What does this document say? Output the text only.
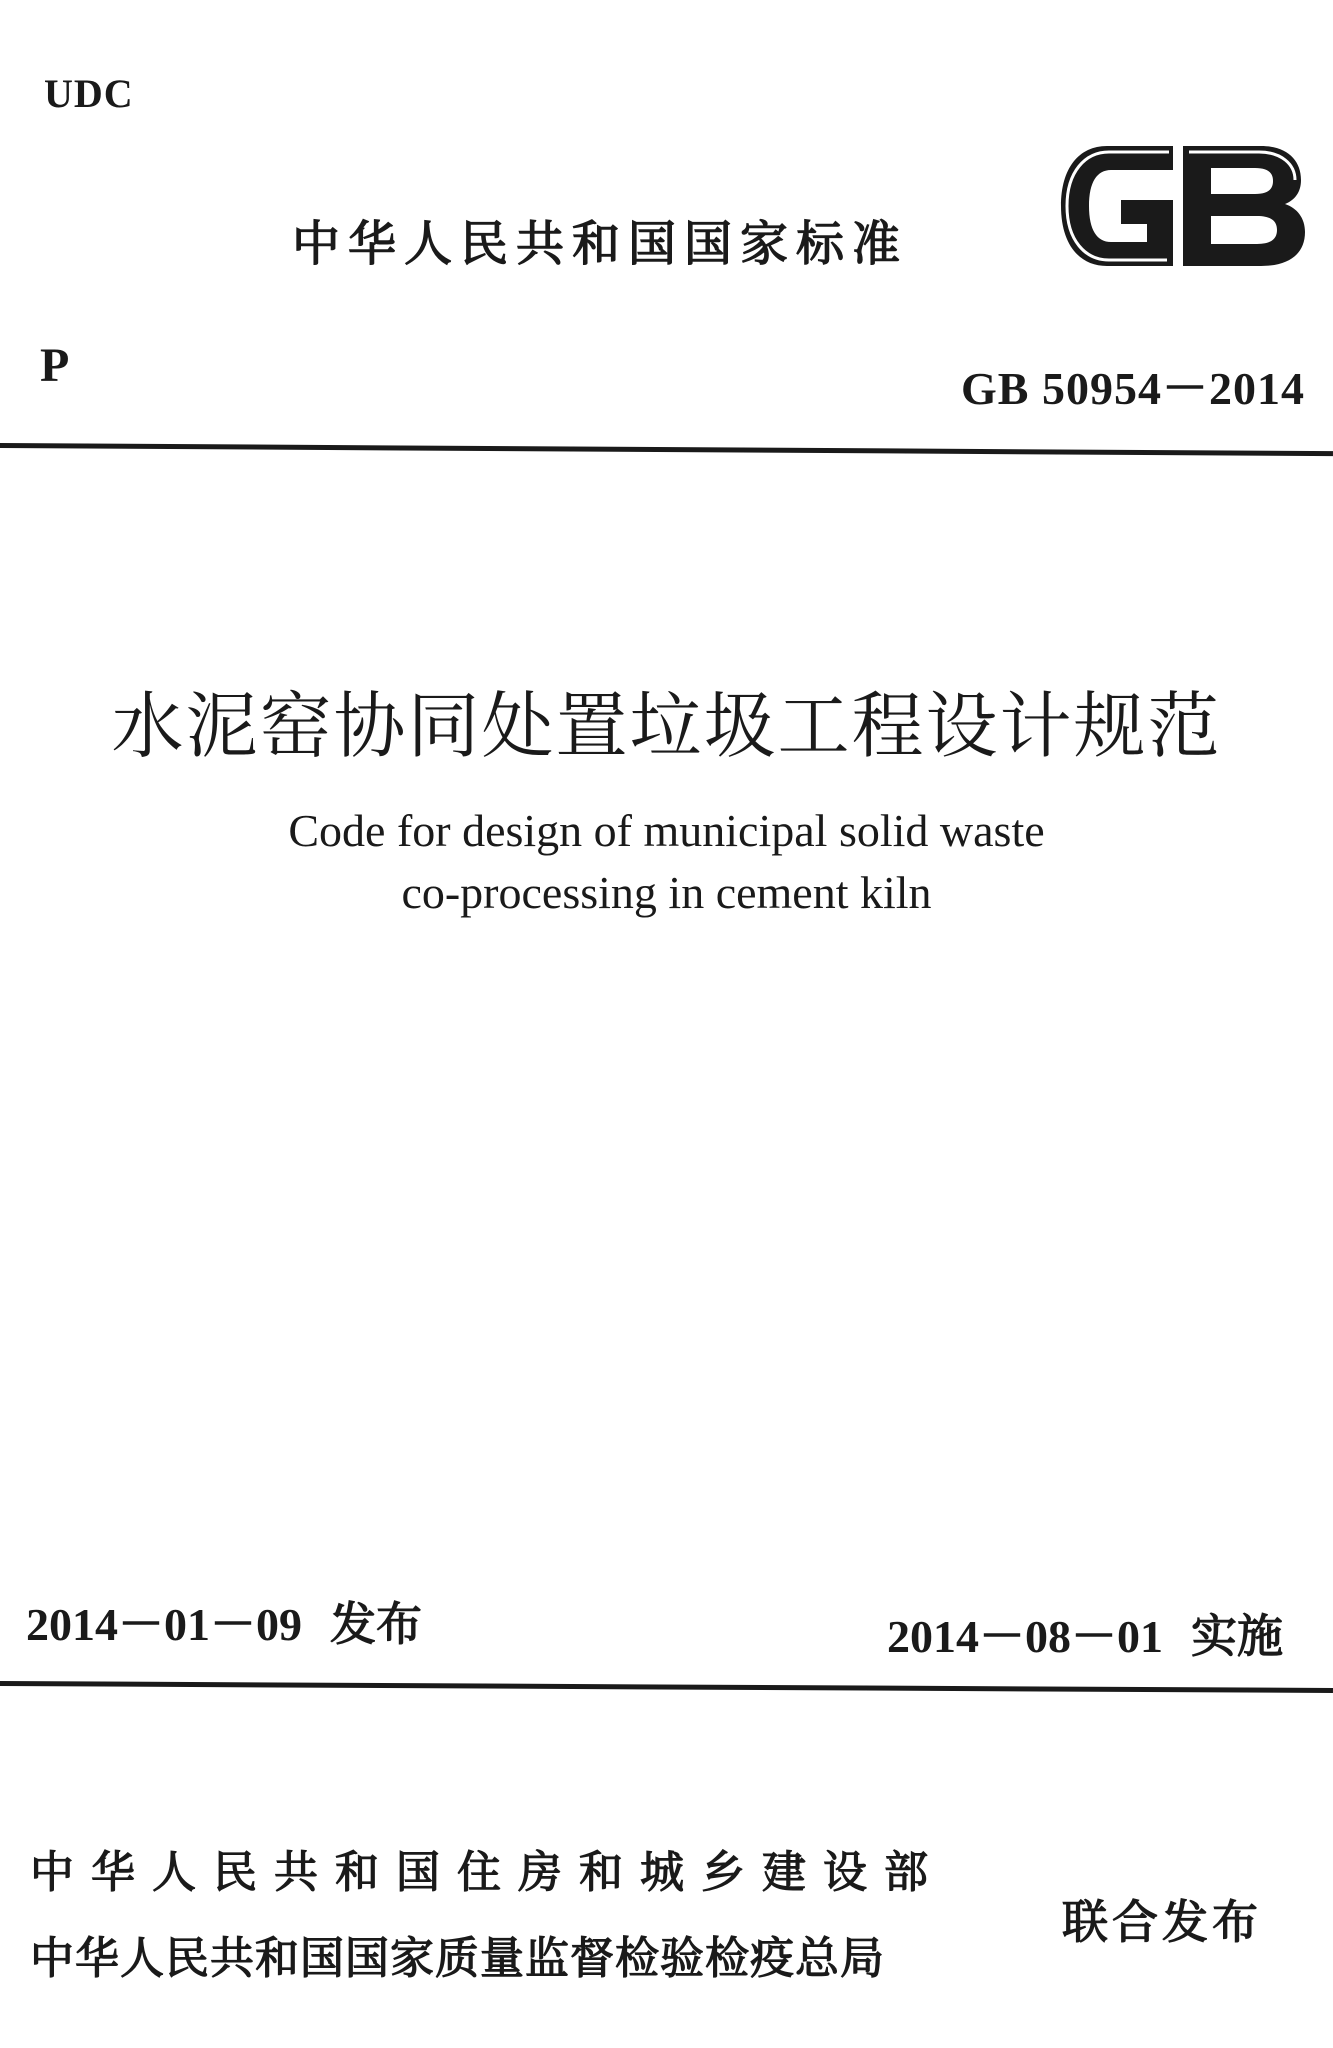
UDC
中华人民共和国国家标准
P	GB 50954－2014
水泥窑协同处置垃圾工程设计规范
Code for design of municipal solid waste
co-processing in cement kiln
2014－01－09 发布	2014－08－01 实施
中华人民共和国住房和城乡建设部
中华人民共和国国家质量监督检验检疫总局
联合发布
